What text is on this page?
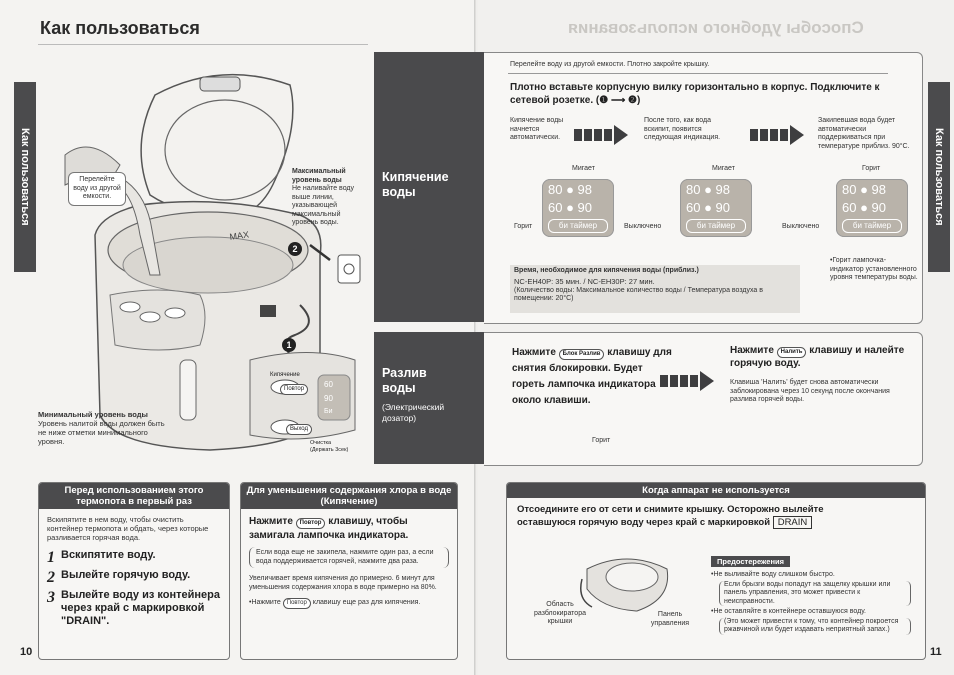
Как пользоваться
Как пользоваться
MAX
2
1
Перелейте воду из другой емкости.
Максимальный уровень воды
Не наливайте воду выше линии, указывающей максимальный уровень воды.
Минимальный уровень воды
Уровень налитой воды должен быть не ниже отметки минимального уровня.
Кипячение
Повтор
Выход
Очистка (Держать 3сек)
60
90
Би
Перед использованием этого термопота в первый раз
Вскипятите в нем воду, чтобы очистить контейнер термопота и обдать, через которые разливается горячая вода.
1 Вскипятите воду.
2 Вылейте горячую воду.
3 Вылейте воду из контейнера через край с маркировкой "DRAIN".
Для уменьшения содержания хлора в воде (Кипячение)
Нажмите Повтор клавишу, чтобы замигала лампочка индикатора.
Если вода еще не закипела, нажмите один раз, а если вода поддерживается горячей, нажмите два раза.
Увеличивает время кипячения до примерно. 6 минут для уменьшения содержания хлора в воде примерно на 80%.
•Нажмите Повтор клавишу еще раз для кипячения.
10
Способы удобного использования
Как пользоваться
Кипячение воды
Перелейте воду из другой емкости. Плотно закройте крышку.
Плотно вставьте корпусную вилку горизонтально в корпус. Подключите к сетевой розетке. (❶ ⟶ ❷)
Кипячение воды начнется автоматически.
После того, как вода вскипит, появится следующая индикация.
Закипевшая вода будет автоматически поддерживаться при температуре приблиз. 90°С.
Мигает
80 ● 98
60 ● 90
би таймер
Горит
Мигает
80 ● 98
60 ● 90
би таймер
Выключено
Горит
80 ● 98
60 ● 90
би таймер
Выключено
•Горит лампочка-индикатор установленного уровня температуры воды.
Время, необходимое для кипячения воды (приблиз.)
NC-EH40P: 35 мин. / NC-EH30P: 27 мин.
(Количество воды: Максимальное количество воды / Температура воздуха в помещении: 20°С)
Разлив воды
(Электрический дозатор)
Нажмите Блок Разлив клавишу для снятия блокировки. Будет гореть лампочка индикатора около клавиши.
Горит
Нажмите Налить клавишу и налейте горячую воду.
Клавиша 'Налить' будет снова автоматически заблокирована через 10 секунд после окончания разлива горячей воды.
Когда аппарат не используется
Отсоедините его от сети и снимите крышку. Осторожно вылейте оставшуюся горячую воду через край с маркировкой DRAIN
Область разблокиратора крышки
Панель управления
Предостережения
•Не выливайте воду слишком быстро.
Если брызги воды попадут на защелку крышки или панель управления, это может привести к неисправности.
•Не оставляйте в контейнере оставшуюся воду.
(Это может привести к тому, что контейнер покроется ржавчиной или будет издавать неприятный запах.)
11
